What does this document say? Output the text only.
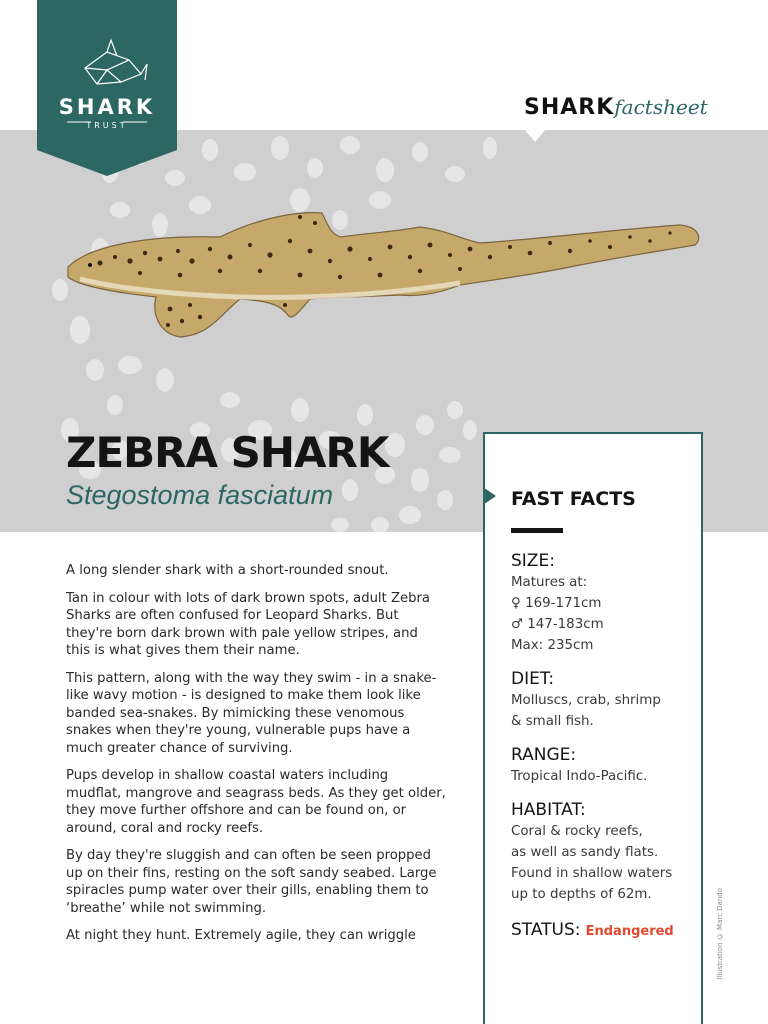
SHARK
TRUST
SHARKfactsheet
ZEBRA SHARK
Stegostoma fasciatum

A long slender shark with a short-rounded snout.

Tan in colour with lots of dark brown spots, adult Zebra Sharks are often confused for Leopard Sharks. But they're born dark brown with pale yellow stripes, and this is what gives them their name.

This pattern, along with the way they swim - in a snake-like wavy motion - is designed to make them look like banded sea-snakes. By mimicking these venomous snakes when they're young, vulnerable pups have a much greater chance of surviving.

Pups develop in shallow coastal waters including mudflat, mangrove and seagrass beds. As they get older, they move further offshore and can be found on, or around, coral and rocky reefs.

By day they're sluggish and can often be seen propped up on their fins, resting on the soft sandy seabed. Large spiracles pump water over their gills, enabling them to ‘breathe’ while not swimming.

At night they hunt. Extremely agile, they can wriggle

FAST FACTS
SIZE:
Matures at:
♀ 169-171cm
♂ 147-183cm
Max: 235cm
DIET:
Molluscs, crab, shrimp
& small fish.
RANGE:
Tropical Indo-Pacific.
HABITAT:
Coral & rocky reefs,
as well as sandy flats.
Found in shallow waters
up to depths of 62m.
STATUS: Endangered	Illustration © Marc Dando
